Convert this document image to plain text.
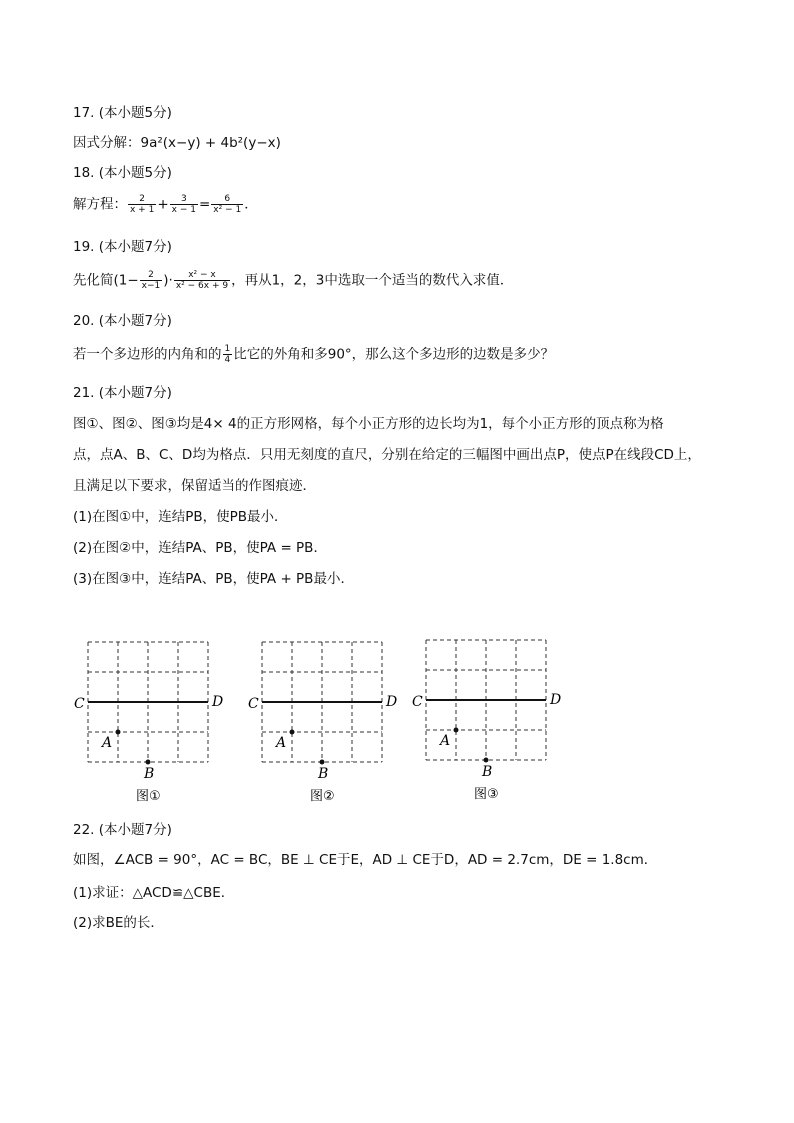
17. (本小题5分)
因式分解：9a²(x−y) + 4b²(y−x)
18. (本小题5分)
解方程： $\frac{2}{x + 1} + \frac{3}{x - 1} = \frac{6}{\text{x² − 1}}$ ．
19. (本小题7分)
先化简($1- \frac{2}{x-1}$ )· $\frac{\text{x² − x}}{\text{x² − 6x + 9}}$ ，再从1，2，3中选取一个适当的数代入求值．
20. (本小题7分)
若一个多边形的内角和的 $\frac{1}{4}$ 比它的外角和多90°，那么这个多边形的边数是多少？
21. (本小题7分)
图①、图②、图③均是4× 4的正方形网格，每个小正方形的边长均为1，每个小正方形的顶点称为格
点，点A、B、C、D均为格点．只用无刻度的直尺，分别在给定的三幅图中画出点P，使点P在线段CD上，
且满足以下要求，保留适当的作图痕迹．
(1)在图①中，连结PB，使PB最小．
(2)在图②中，连结PA、PB，使PA = PB．
(3)在图③中，连结PA、PB，使PA + PB最小．
C	D
A
B
图①
C	D
A
B
图②
C	D
A
B
图③
22. (本小题7分)
如图，∠ACB = 90°，AC = BC，BE ⊥ CE于E，AD ⊥ CE于D，AD = 2.7cm，DE = 1.8cm．
(1)求证：△ACD≌△CBE．
(2)求BE的长．
